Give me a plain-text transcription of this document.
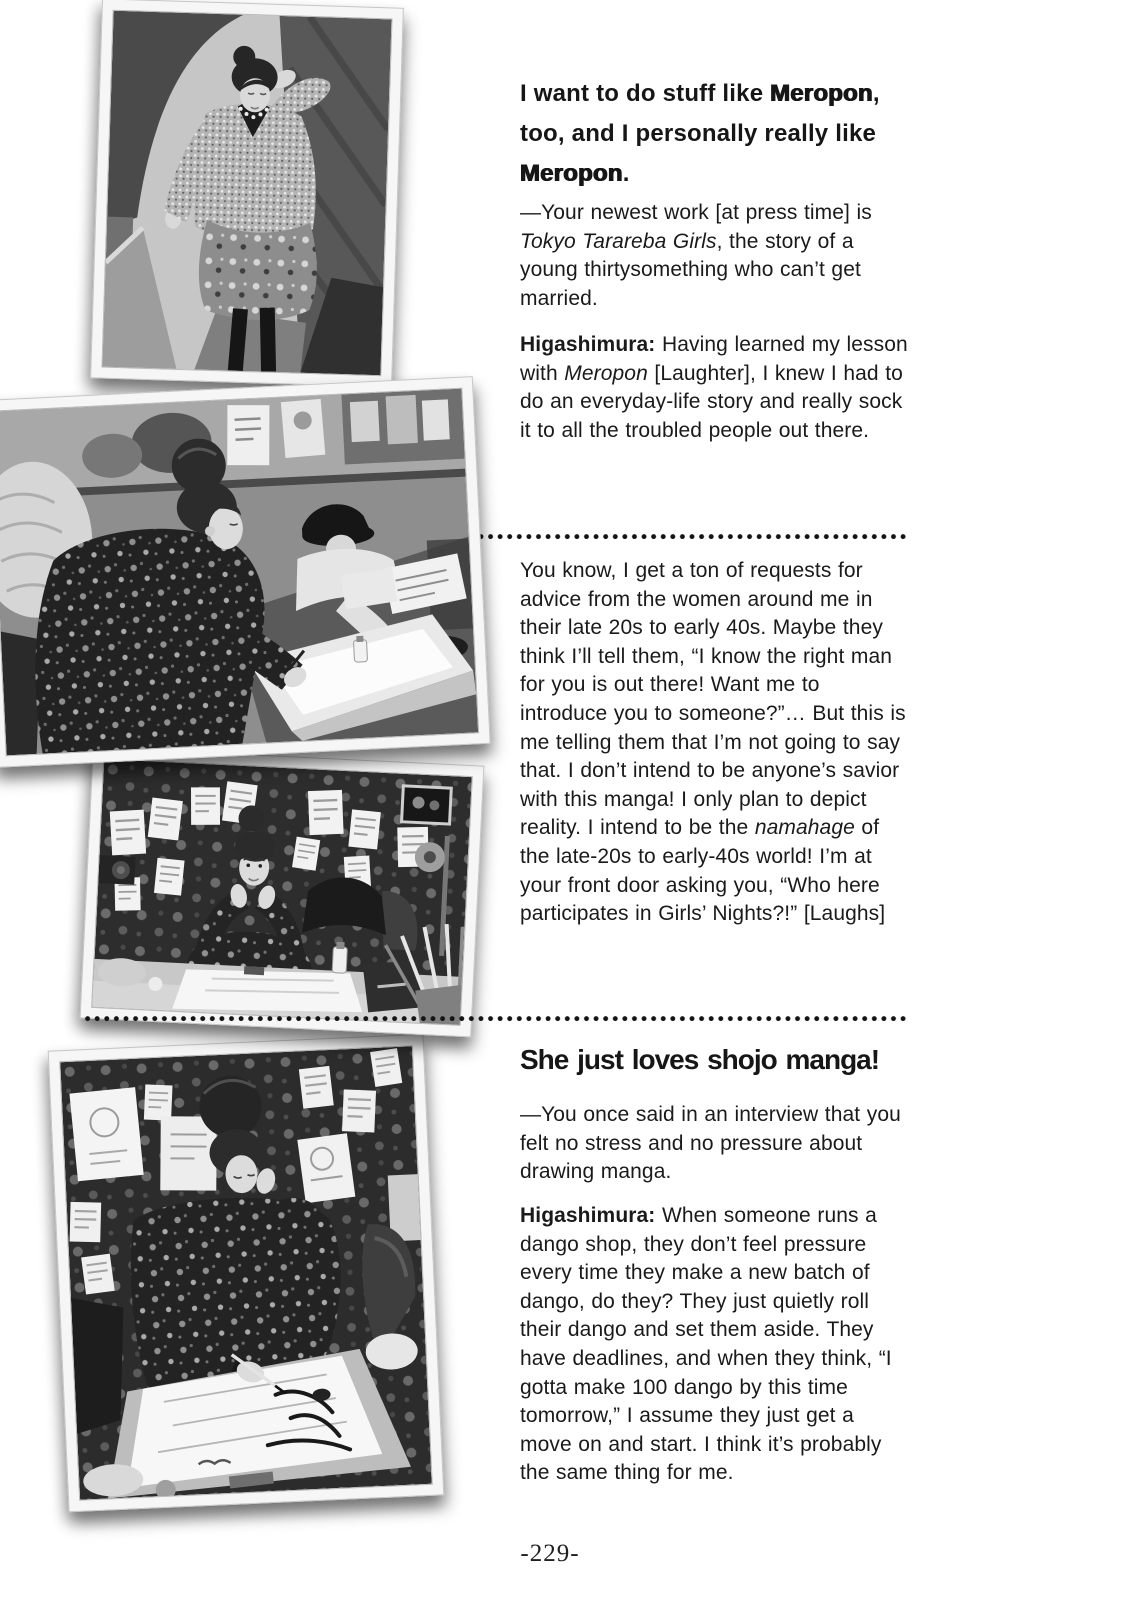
I want to do stuff like Meropon, too, and I personally really like Meropon.
—Your newest work [at press time] is Tokyo Tarareba Girls, the story of a young thirtysomething who can’t get married.
Higashimura: Having learned my lesson with Meropon [Laughter], I knew I had to do an everyday-life story and really sock it to all the troubled people out there.
You know, I get a ton of requests for advice from the women around me in their late 20s to early 40s. Maybe they think I’ll tell them, “I know the right man for you is out there! Want me to introduce you to someone?”… But this is me telling them that I’m not going to say that. I don’t intend to be anyone’s savior with this manga! I only plan to depict reality. I intend to be the namahage of the late-20s to early-40s world! I’m at your front door asking you, “Who here participates in Girls’ Nights?!” [Laughs]
She just loves shojo manga!
—You once said in an interview that you felt no stress and no pressure about drawing manga.
Higashimura: When someone runs a dango shop, they don’t feel pressure every time they make a new batch of dango, do they? They just quietly roll their dango and set them aside. They have deadlines, and when they think, “I gotta make 100 dango by this time tomorrow,” I assume they just get a move on and start. I think it’s probably the same thing for me.
-229-
